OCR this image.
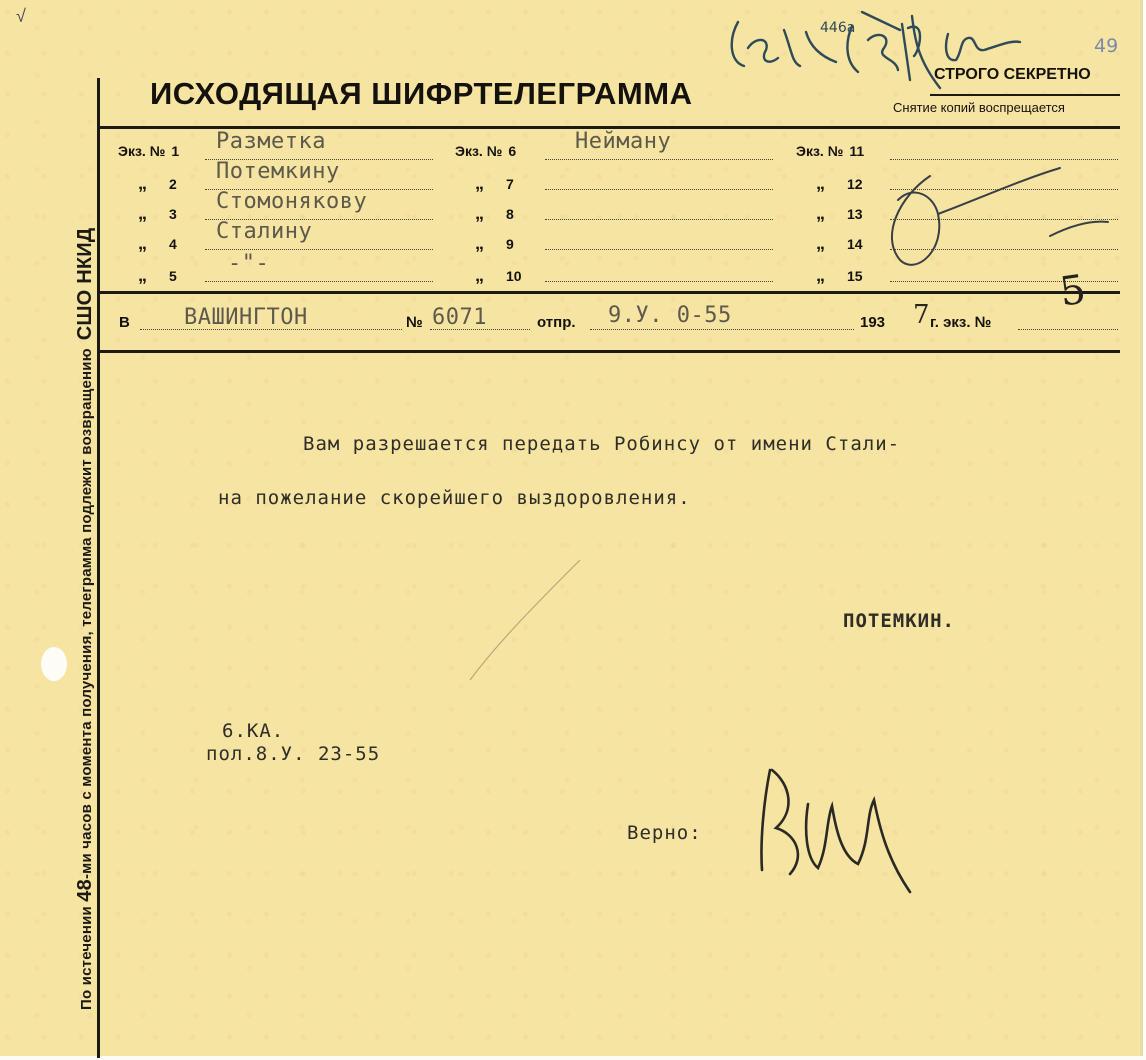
√
49
По истечении 48-ми часов с момента получения, телеграмма подлежит возвращениюСШО НКИД
ИСХОДЯЩАЯ ШИФРТЕЛЕГРАММА
СТРОГО СЕКРЕТНО
Снятие копий воспрещается
Экз. № 1 Разметка
„ 2 Потемкину
„ 3 Стомонякову
„ 4 Сталину
„ 5 -"-
Экз. № 6	Нейману
„ 7
„ 8
„ 9
„ 10
Экз. № 11
„ 12
„ 13
„ 14
„ 15
В ВАШИНГТОН	№ 6071	отпр. 9.У. 0-55	193 7 г. экз. №
5
Вам разрешается передать Робинсу от имени Стали-
на пожелание скорейшего выздоровления.
ПОТЕМКИН.
6.КА.
пол.8.У. 23-55
Верно:
446а
